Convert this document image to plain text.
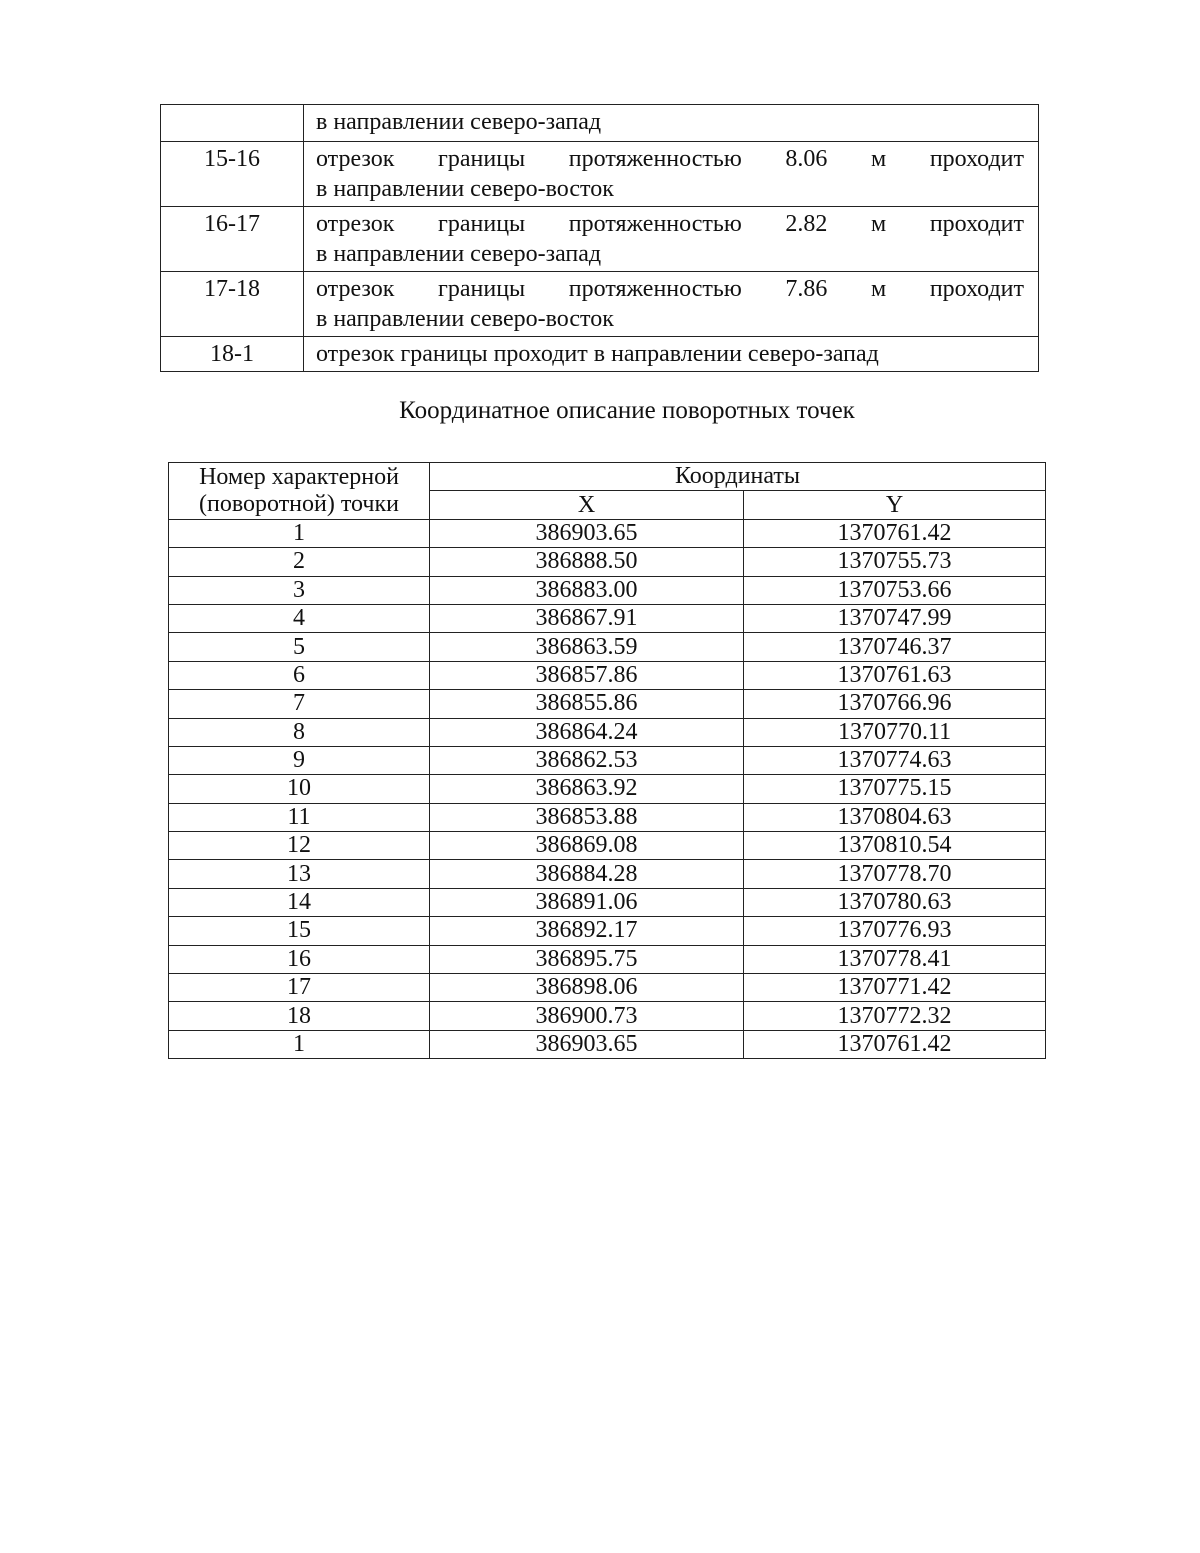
	в направлении северо-запад

15-16	отрезок границы протяженностью 8.06 м проходит
в направлении северо-восток

16-17	отрезок границы протяженностью 2.82 м проходит
в направлении северо-запад

17-18	отрезок границы протяженностью 7.86 м проходит
в направлении северо-восток

18-1	отрезок границы проходит в направлении северо-запад
Координатное описание поворотных точек
Номер характерной
(поворотной) точки	Координаты	
	X	Y
1	386903.65	1370761.42
2	386888.50	1370755.73
3	386883.00	1370753.66
4	386867.91	1370747.99
5	386863.59	1370746.37
6	386857.86	1370761.63
7	386855.86	1370766.96
8	386864.24	1370770.11
9	386862.53	1370774.63
10	386863.92	1370775.15
11	386853.88	1370804.63
12	386869.08	1370810.54
13	386884.28	1370778.70
14	386891.06	1370780.63
15	386892.17	1370776.93
16	386895.75	1370778.41
17	386898.06	1370771.42
18	386900.73	1370772.32
1	386903.65	1370761.42
